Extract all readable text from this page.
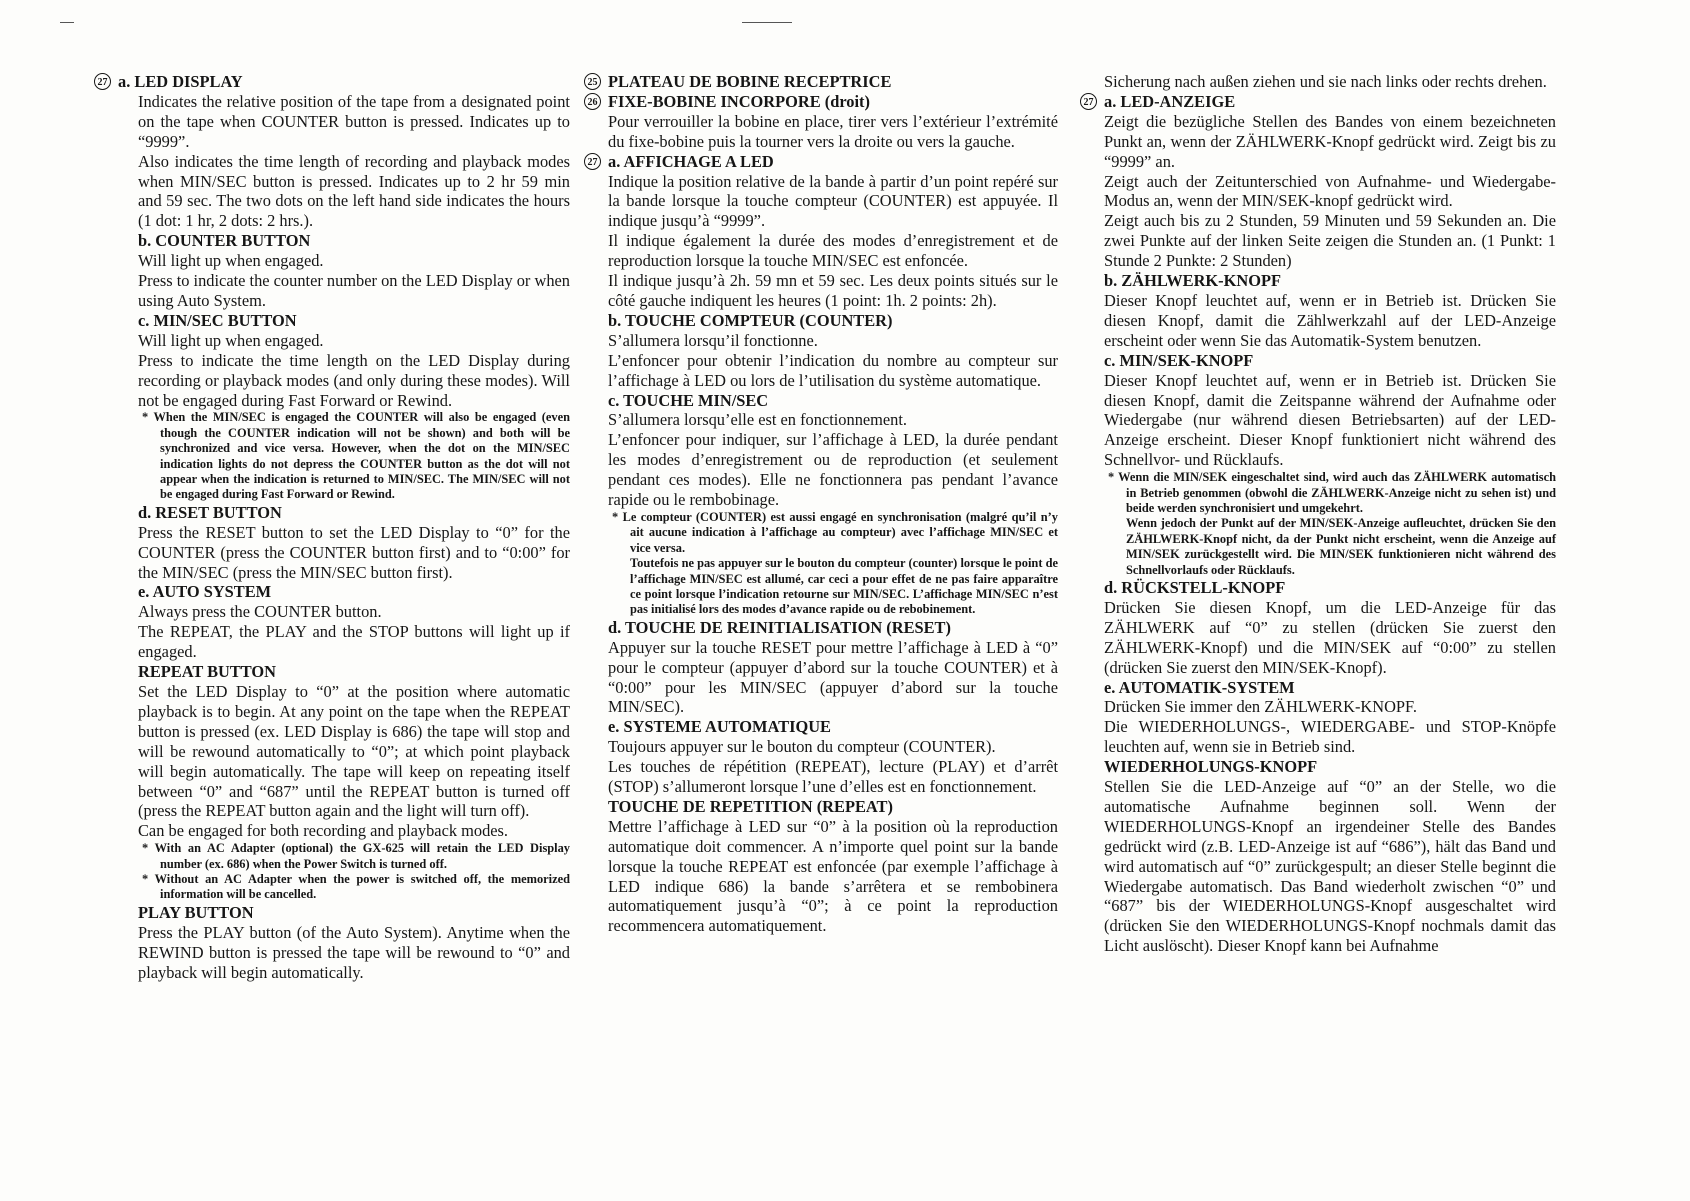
27 a. LED DISPLAY

Indicates the relative position of the tape from a designated point on the tape when COUNTER button is pressed. Indicates up to “9999”.

Also indicates the time length of recording and playback modes when MIN/SEC button is pressed. Indicates up to 2 hr 59 min and 59 sec. The two dots on the left hand side indicates the hours (1 dot: 1 hr, 2 dots: 2 hrs.).

b. COUNTER BUTTON

Will light up when engaged.

Press to indicate the counter number on the LED Display or when using Auto System.

c. MIN/SEC BUTTON

Will light up when engaged.

Press to indicate the time length on the LED Display during recording or playback modes (and only during these modes). Will not be engaged during Fast Forward or Rewind.

* When the MIN/SEC is engaged the COUNTER will also be engaged (even though the COUNTER indication will not be shown) and both will be synchronized and vice versa. However, when the dot on the MIN/SEC indication lights do not depress the COUNTER button as the dot will not appear when the indication is returned to MIN/SEC. The MIN/SEC will not be engaged during Fast Forward or Rewind.

d. RESET BUTTON

Press the RESET button to set the LED Display to “0” for the COUNTER (press the COUNTER button first) and to “0:00” for the MIN/SEC (press the MIN/SEC button first).

e. AUTO SYSTEM

Always press the COUNTER button.

The REPEAT, the PLAY and the STOP buttons will light up if engaged.

REPEAT BUTTON

Set the LED Display to “0” at the position where automatic playback is to begin. At any point on the tape when the REPEAT button is pressed (ex. LED Display is 686) the tape will stop and will be rewound automatically to “0”; at which point playback will begin automatically. The tape will keep on repeating itself between “0” and “687” until the REPEAT button is turned off (press the REPEAT button again and the light will turn off).

Can be engaged for both recording and playback modes.

* With an AC Adapter (optional) the GX-625 will retain the LED Display number (ex. 686) when the Power Switch is turned off.

* Without an AC Adapter when the power is switched off, the memorized information will be cancelled.

PLAY BUTTON

Press the PLAY button (of the Auto System). Anytime when the REWIND button is pressed the tape will be rewound to “0” and playback will begin automatically.

25 PLATEAU DE BOBINE RECEPTRICE

26 FIXE-BOBINE INCORPORE (droit)

Pour verrouiller la bobine en place, tirer vers l’extérieur l’extrémité du fixe-bobine puis la tourner vers la droite ou vers la gauche.

27 a. AFFICHAGE A LED

Indique la position relative de la bande à partir d’un point repéré sur la bande lorsque la touche compteur (COUNTER) est appuyée. Il indique jusqu’à “9999”.

Il indique également la durée des modes d’enregistrement et de reproduction lorsque la touche MIN/SEC est enfoncée.

Il indique jusqu’à 2h. 59 mn et 59 sec. Les deux points situés sur le côté gauche indiquent les heures (1 point: 1h. 2 points: 2h).

b. TOUCHE COMPTEUR (COUNTER)

S’allumera lorsqu’il fonctionne.

L’enfoncer pour obtenir l’indication du nombre au compteur sur l’affichage à LED ou lors de l’utilisation du système automatique.

c. TOUCHE MIN/SEC

S’allumera lorsqu’elle est en fonctionnement.

L’enfoncer pour indiquer, sur l’affichage à LED, la durée pendant les modes d’enregistrement ou de reproduction (et seulement pendant ces modes). Elle ne fonctionnera pas pendant l’avance rapide ou le rembobinage.

* Le compteur (COUNTER) est aussi engagé en synchronisation (malgré qu’il n’y ait aucune indication à l’affichage au compteur) avec l’affichage MIN/SEC et vice versa.

Toutefois ne pas appuyer sur le bouton du compteur (counter) lorsque le point de l’affichage MIN/SEC est allumé, car ceci a pour effet de ne pas faire apparaître ce point lorsque l’indication retourne sur MIN/SEC. L’affichage MIN/SEC n’est pas initialisé lors des modes d’avance rapide ou de rebobinement.

d. TOUCHE DE REINITIALISATION (RESET)

Appuyer sur la touche RESET pour mettre l’affichage à LED à “0” pour le compteur (appuyer d’abord sur la touche COUNTER) et à “0:00” pour les MIN/SEC (appuyer d’abord sur la touche MIN/SEC).

e. SYSTEME AUTOMATIQUE

Toujours appuyer sur le bouton du compteur (COUNTER).

Les touches de répétition (REPEAT), lecture (PLAY) et d’arrêt (STOP) s’allumeront lorsque l’une d’elles est en fonctionnement.

TOUCHE DE REPETITION (REPEAT)

Mettre l’affichage à LED sur “0” à la position où la reproduction automatique doit commencer. A n’importe quel point sur la bande lorsque la touche REPEAT est enfoncée (par exemple l’affichage à LED indique 686) la bande s’arrêtera et se rembobinera automatiquement jusqu’à “0”; à ce point la reproduction recommencera automatiquement.

Sicherung nach außen ziehen und sie nach links oder rechts drehen.

27 a. LED-ANZEIGE

Zeigt die bezügliche Stellen des Bandes von einem bezeichneten Punkt an, wenn der ZÄHLWERK-Knopf gedrückt wird. Zeigt bis zu “9999” an.

Zeigt auch der Zeitunterschied von Aufnahme- und Wiedergabe-Modus an, wenn der MIN/SEK-knopf gedrückt wird.

Zeigt auch bis zu 2 Stunden, 59 Minuten und 59 Sekunden an. Die zwei Punkte auf der linken Seite zeigen die Stunden an. (1 Punkt: 1 Stunde 2 Punkte: 2 Stunden)

b. ZÄHLWERK-KNOPF

Dieser Knopf leuchtet auf, wenn er in Betrieb ist. Drücken Sie diesen Knopf, damit die Zählwerkzahl auf der LED-Anzeige erscheint oder wenn Sie das Automatik-System benutzen.

c. MIN/SEK-KNOPF

Dieser Knopf leuchtet auf, wenn er in Betrieb ist. Drücken Sie diesen Knopf, damit die Zeitspanne während der Aufnahme oder Wiedergabe (nur während diesen Betriebsarten) auf der LED-Anzeige erscheint. Dieser Knopf funktioniert nicht während des Schnellvor- und Rücklaufs.

* Wenn die MIN/SEK eingeschaltet sind, wird auch das ZÄHLWERK automatisch in Betrieb genommen (obwohl die ZÄHLWERK-Anzeige nicht zu sehen ist) und beide werden synchronisiert und umgekehrt.

Wenn jedoch der Punkt auf der MIN/SEK-Anzeige aufleuchtet, drücken Sie den ZÄHLWERK-Knopf nicht, da der Punkt nicht erscheint, wenn die Anzeige auf MIN/SEK zurückgestellt wird. Die MIN/SEK funktionieren nicht während des Schnellvorlaufs oder Rücklaufs.

d. RÜCKSTELL-KNOPF

Drücken Sie diesen Knopf, um die LED-Anzeige für das ZÄHLWERK auf “0” zu stellen (drücken Sie zuerst den ZÄHLWERK-Knopf) und die MIN/SEK auf “0:00” zu stellen (drücken Sie zuerst den MIN/SEK-Knopf).

e. AUTOMATIK-SYSTEM

Drücken Sie immer den ZÄHLWERK-KNOPF.

Die WIEDERHOLUNGS-, WIEDERGABE- und STOP-Knöpfe leuchten auf, wenn sie in Betrieb sind.

WIEDERHOLUNGS-KNOPF

Stellen Sie die LED-Anzeige auf “0” an der Stelle, wo die automatische Aufnahme beginnen soll. Wenn der WIEDERHOLUNGS-Knopf an irgendeiner Stelle des Bandes gedrückt wird (z.B. LED-Anzeige ist auf “686”), hält das Band und wird automatisch auf “0” zurückgespult; an dieser Stelle beginnt die Wiedergabe automatisch. Das Band wiederholt zwischen “0” und “687” bis der WIEDERHOLUNGS-Knopf ausgeschaltet wird (drücken Sie den WIEDERHOLUNGS-Knopf nochmals damit das Licht auslöscht). Dieser Knopf kann bei Aufnahme
